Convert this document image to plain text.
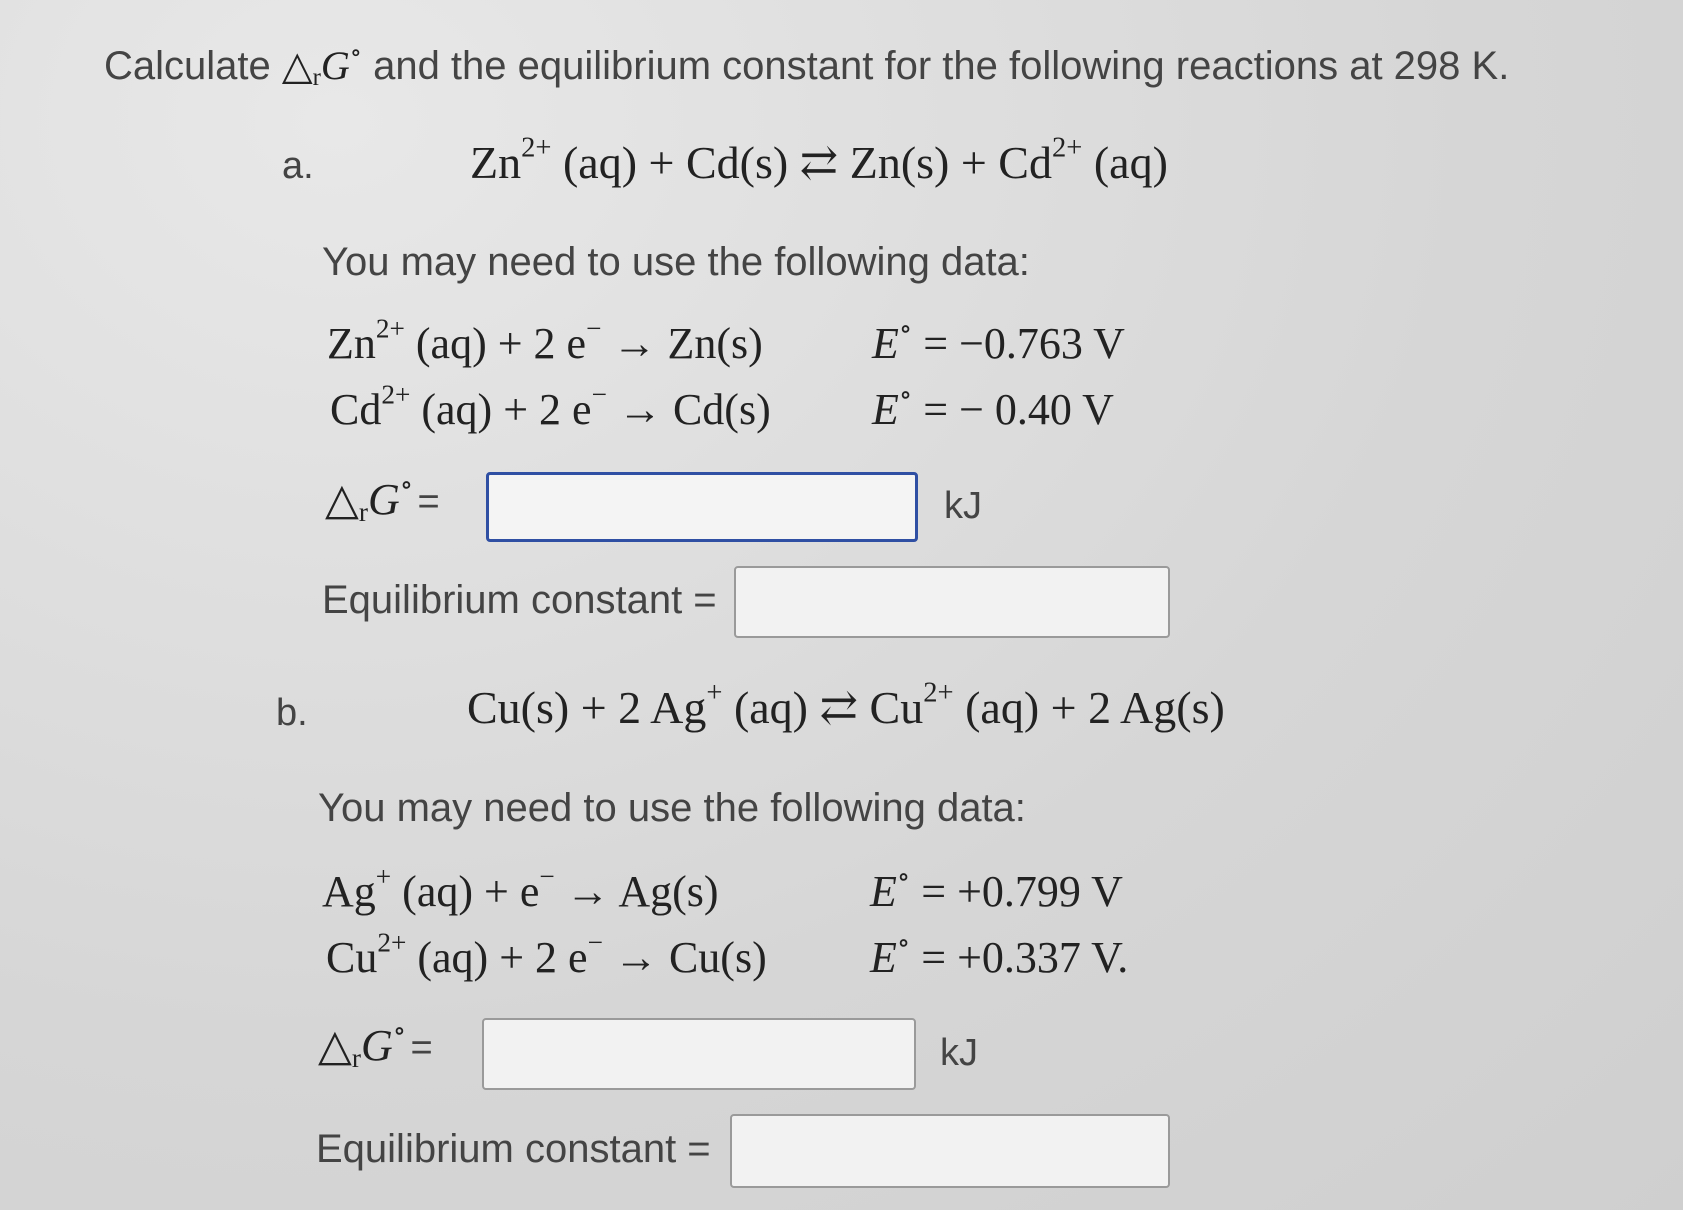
Calculate $\triangle_rG^\circ$ and the equilibrium constant for the following reactions at 298 K.
a.	$Zn^{2+}$ (aq) + Cd(s) ⇄ $Zn(s) + Cd^{2+}$ (aq)
You may need to use the following data:
$Zn^{2+}$ (aq) + 2 e− → Zn(s) E∘ = −0.763 V
$Cd^{2+}$ (aq) + 2 e− → Cd(s) E∘ = − 0.40 V
$\triangle_rG^\circ$ =	kJ
Equilibrium constant =
b.	Cu(s) + 2 Ag+ (aq) ⇄ $Cu^{2+}$ (aq) + 2 Ag(s)
You may need to use the following data:
Ag+ (aq) + e− → Ag(s)	E∘ = +0.799 V
$Cu^{2+}$ (aq) + 2 e− → Cu(s) E∘ = +0.337 V.
$\triangle_rG^\circ$ =	kJ
Equilibrium constant =
